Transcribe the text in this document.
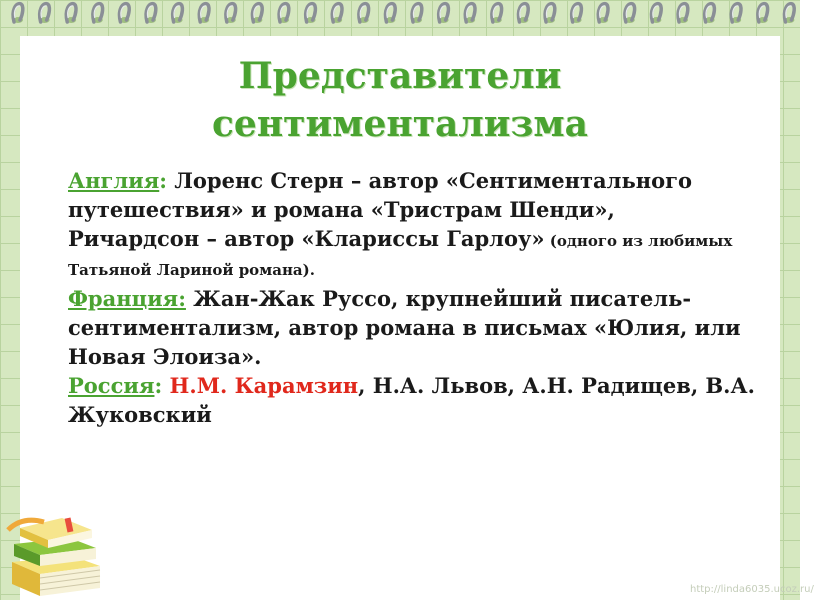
Представители
сентиментализма

Англия: Лоренс Стерн – автор «Сентиментального путешествия» и романа «Тристрам Шенди»,
Ричардсон – автор «Клариссы Гарлоу» (одного из любимых Татьяной Лариной романа).

Франция: Жан-Жак Руссо, крупнейший писатель-сентиментализм, автор романа в письмах «Юлия, или Новая Элоиза».

Россия: Н.М. Карамзин, Н.А. Львов, А.Н. Радищев, В.А. Жуковский

http://linda6035.ucoz.ru/
